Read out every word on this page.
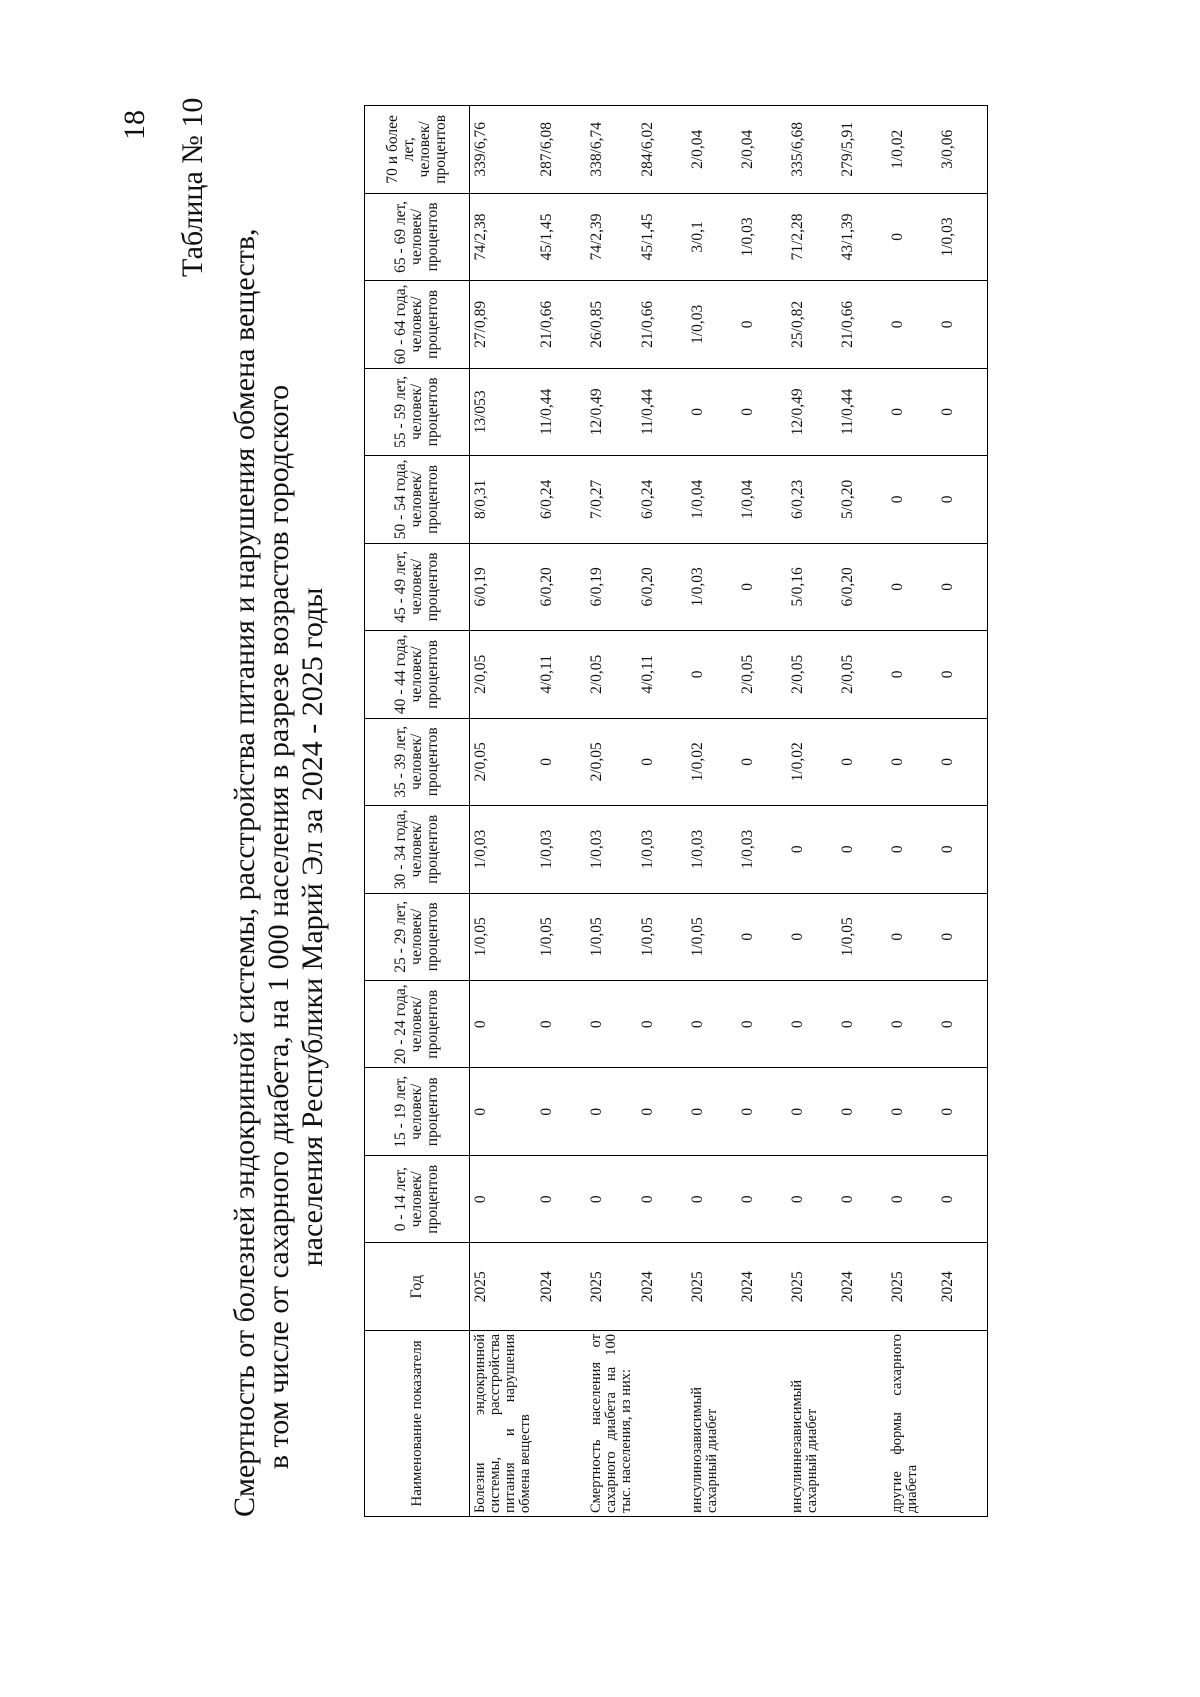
18 Таблица № 10
Смертность от болезней эндокринной системы, расстройства питания и нарушения обмена веществ, в том числе от сахарного диабета, на 1 000 населения в разрезе возрастов городского населения Республики Марий Эл за 2024 - 2025 годы
Наименование показателя	Год	0 - 14 лет, человек/ процентов	15 - 19 лет, человек/ процентов	20 - 24 года, человек/ процентов	25 - 29 лет, человек/ процентов	30 - 34 года, человек/ процентов	35 - 39 лет, человек/ процентов	40 - 44 года, человек/ процентов	45 - 49 лет, человек/ процентов	50 - 54 года, человек/ процентов	55 - 59 лет, человек/ процентов	60 - 64 года, человек/ процентов	65 - 69 лет, человек/ процентов	70 и более лет, человек/ процентов
Болезни эндокринной системы, расстройства питания и нарушения обмена веществ	2025	0	0	0	1/0,05	1/0,03	2/0,05	2/0,05	6/0,19	8/0,31	13/053	27/0,89	74/2,38	339/6,76
	2024	0	0	0	1/0,05	1/0,03	0	4/0,11	6/0,20	6/0,24	11/0,44	21/0,66	45/1,45	287/6,08
Смертность населения от сахарного диабета на 100 тыс. населения, из них:	2025	0	0	0	1/0,05	1/0,03	2/0,05	2/0,05	6/0,19	7/0,27	12/0,49	26/0,85	74/2,39	338/6,74
	2024	0	0	0	1/0,05	1/0,03	0	4/0,11	6/0,20	6/0,24	11/0,44	21/0,66	45/1,45	284/6,02
инсулинозависимый сахарный диабет	2025	0	0	0	1/0,05	1/0,03	1/0,02	0	1/0,03	1/0,04	0	1/0,03	3/0,1	2/0,04
	2024	0	0	0	0	1/0,03	0	2/0,05	0	1/0,04	0	0	1/0,03	2/0,04
инсулиннезависимый сахарный диабет	2025	0	0	0	0	0	1/0,02	2/0,05	5/0,16	6/0,23	12/0,49	25/0,82	71/2,28	335/6,68
	2024	0	0	0	1/0,05	0	0	2/0,05	6/0,20	5/0,20	11/0,44	21/0,66	43/1,39	279/5,91
другие формы сахарного диабета	2025	0	0	0	0	0	0	0	0	0	0	0	0	1/0,02
	2024	0	0	0	0	0	0	0	0	0	0	0	1/0,03	3/0,06
